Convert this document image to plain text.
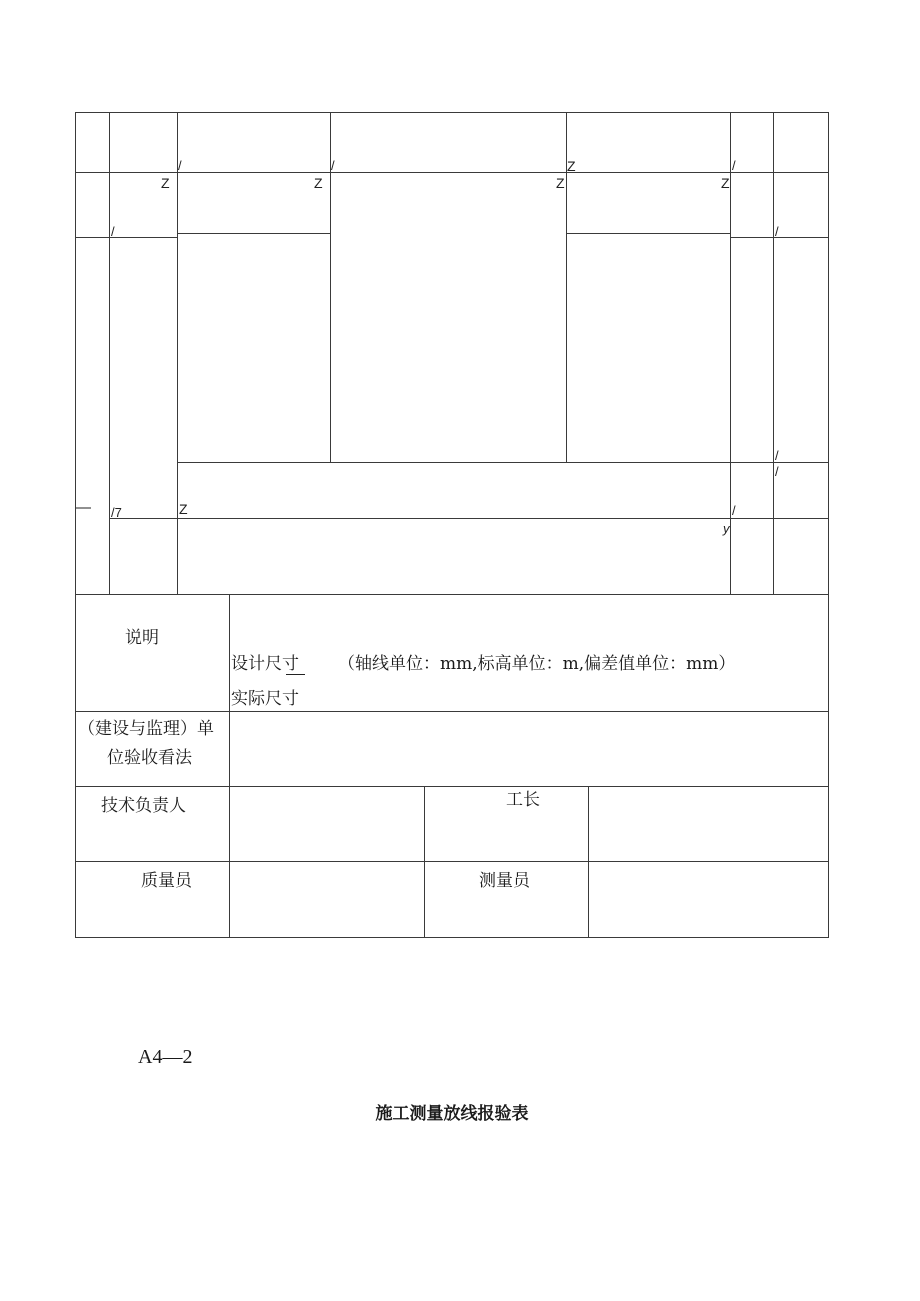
/	/	Z	/
Z	Z	Z	Z
/	/
/
/
— /7	Z	/
y
说明
设计尺寸 （轴线单位：mm,标高单位：m,偏差值单位：mm）
实际尺寸
（建设与监理）单
位验收看法
技术负责人	工长
质量员	测量员
A4—2
施工测量放线报验表
